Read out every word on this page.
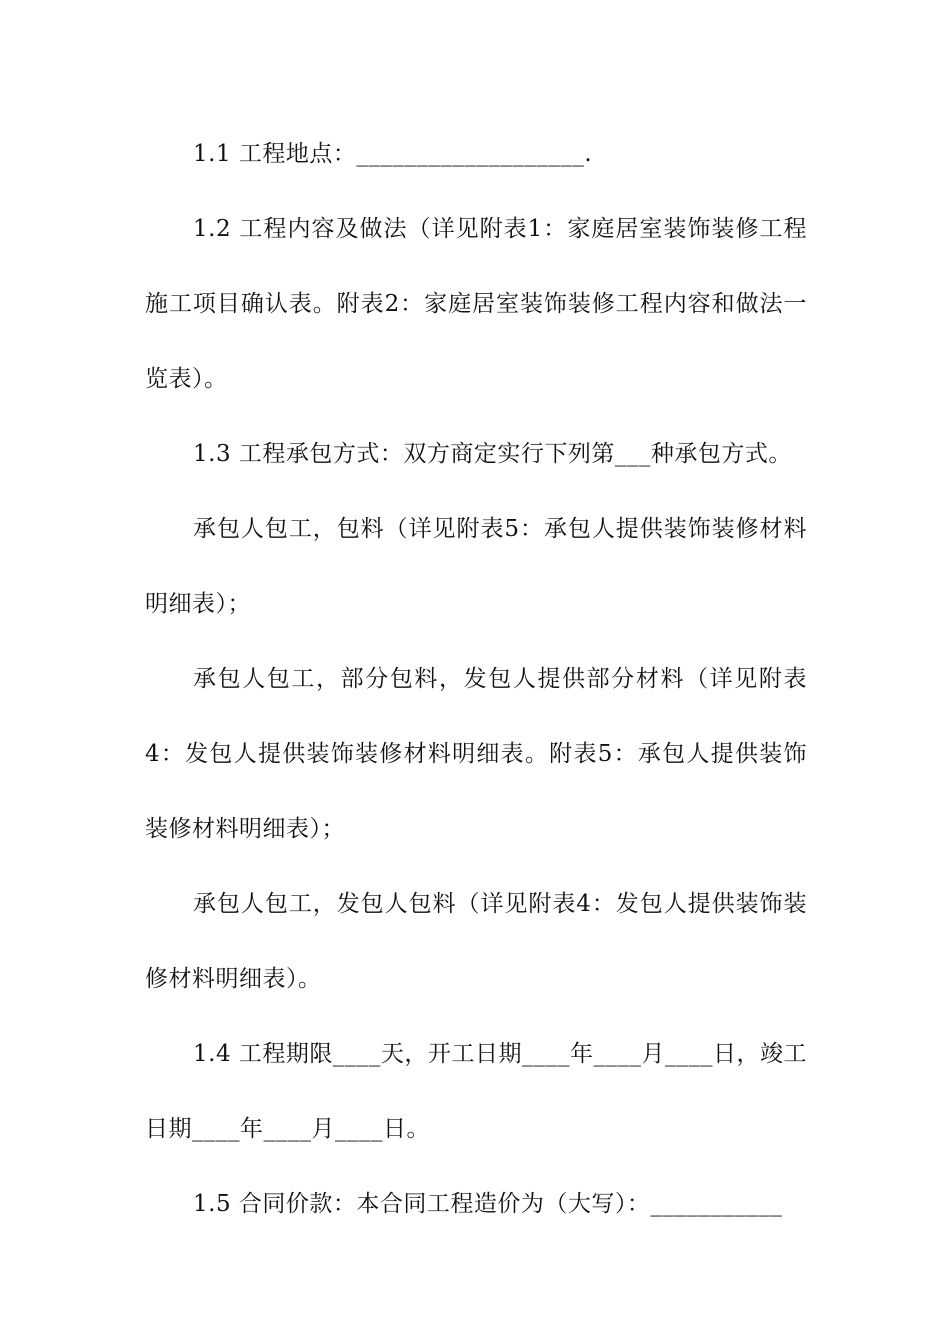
1.1 工程地点：___________________.

1.2 工程内容及做法（详见附表1：家庭居室装饰装修工程施工项目确认表。附表2：家庭居室装饰装修工程内容和做法一览表）。

1.3 工程承包方式：双方商定实行下列第___种承包方式。

承包人包工，包料（详见附表5：承包人提供装饰装修材料明细表）；

承包人包工，部分包料，发包人提供部分材料（详见附表4：发包人提供装饰装修材料明细表。附表5：承包人提供装饰装修材料明细表）；

承包人包工，发包人包料（详见附表4：发包人提供装饰装修材料明细表）。

1.4 工程期限____天，开工日期____年____月____日，竣工日期____年____月____日。

1.5 合同价款：本合同工程造价为（大写）：___________
